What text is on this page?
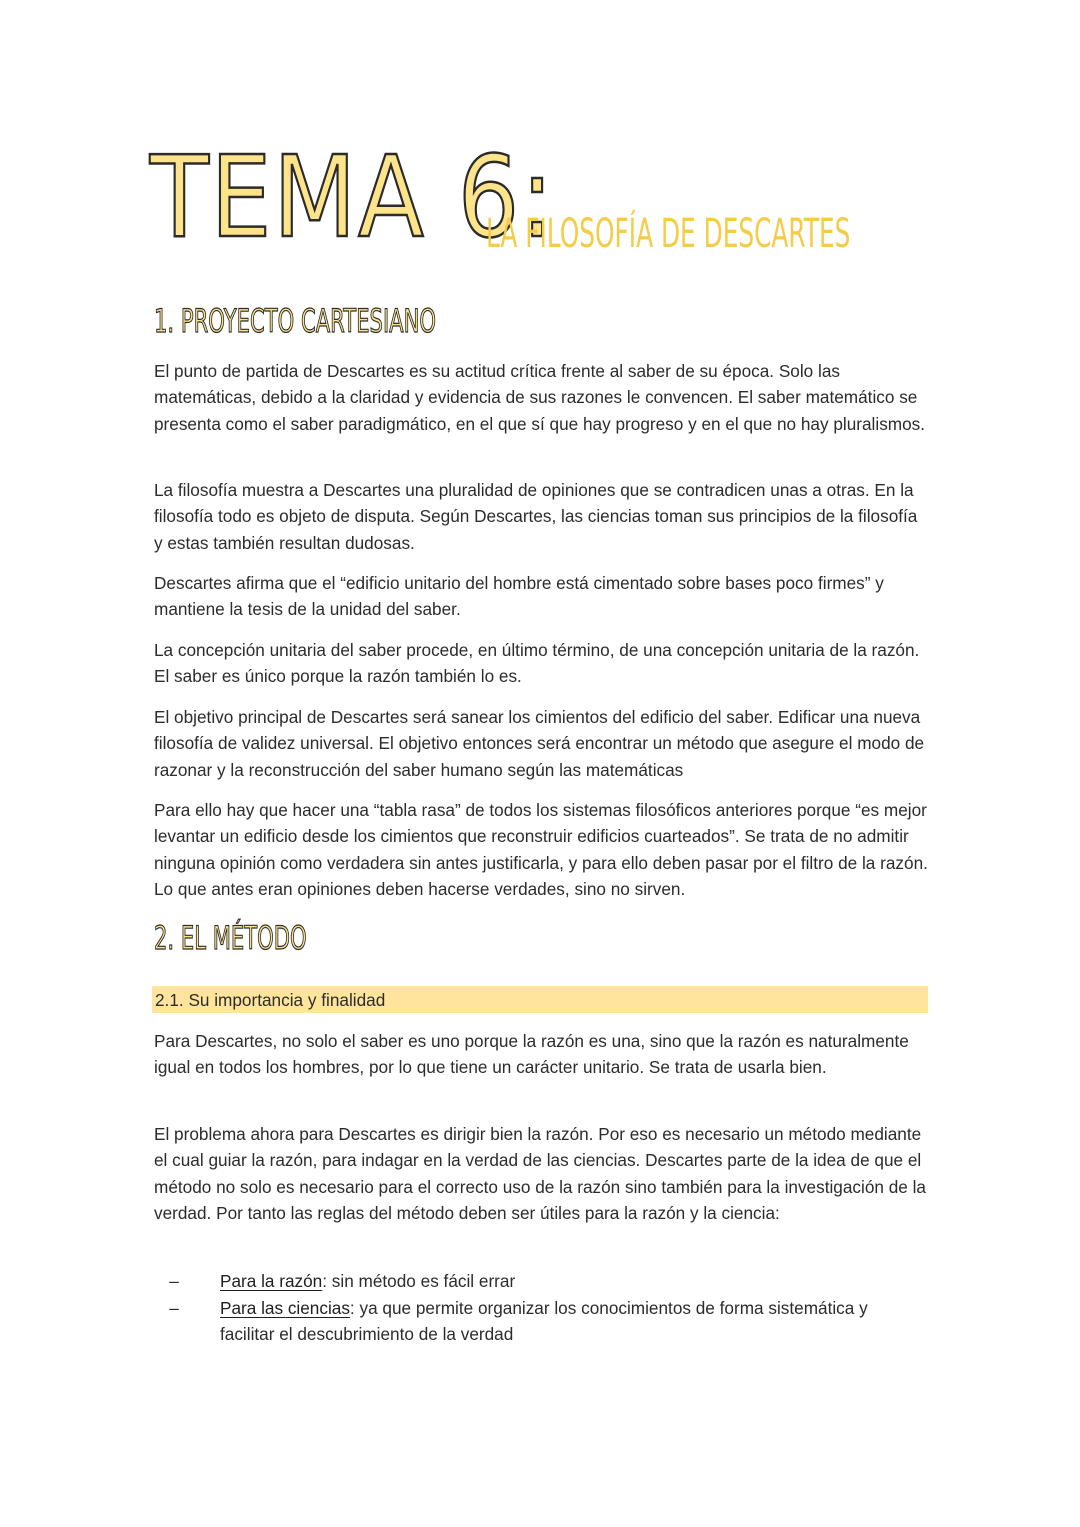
TEMA 6:
LA FILOSOFÍA DE DESCARTES
1. PROYECTO CARTESIANO

El punto de partida de Descartes es su actitud crítica frente al saber de su época. Solo las matemáticas, debido a la claridad y evidencia de sus razones le convencen. El saber matemático se presenta como el saber paradigmático, en el que sí que hay progreso y en el que no hay pluralismos.

La filosofía muestra a Descartes una pluralidad de opiniones que se contradicen unas a otras. En la filosofía todo es objeto de disputa. Según Descartes, las ciencias toman sus principios de la filosofía y estas también resultan dudosas.

Descartes afirma que el “edificio unitario del hombre está cimentado sobre bases poco firmes” y mantiene la tesis de la unidad del saber.

La concepción unitaria del saber procede, en último término, de una concepción unitaria de la razón. El saber es único porque la razón también lo es.

El objetivo principal de Descartes será sanear los cimientos del edificio del saber. Edificar una nueva filosofía de validez universal. El objetivo entonces será encontrar un método que asegure el modo de razonar y la reconstrucción del saber humano según las matemáticas

Para ello hay que hacer una “tabla rasa” de todos los sistemas filosóficos anteriores porque “es mejor levantar un edificio desde los cimientos que reconstruir edificios cuarteados”. Se trata de no admitir ninguna opinión como verdadera sin antes justificarla, y para ello deben pasar por el filtro de la razón. Lo que antes eran opiniones deben hacerse verdades, sino no sirven.

2. EL MÉTODO
2.1. Su importancia y finalidad

Para Descartes, no solo el saber es uno porque la razón es una, sino que la razón es naturalmente igual en todos los hombres, por lo que tiene un carácter unitario. Se trata de usarla bien.

El problema ahora para Descartes es dirigir bien la razón. Por eso es necesario un método mediante el cual guiar la razón, para indagar en la verdad de las ciencias. Descartes parte de la idea de que el método no solo es necesario para el correcto uso de la razón sino también para la investigación de la verdad. Por tanto las reglas del método deben ser útiles para la razón y la ciencia:

–	Para la razón: sin método es fácil errar
–	Para las ciencias: ya que permite organizar los conocimientos de forma sistemática y facilitar el descubrimiento de la verdad
